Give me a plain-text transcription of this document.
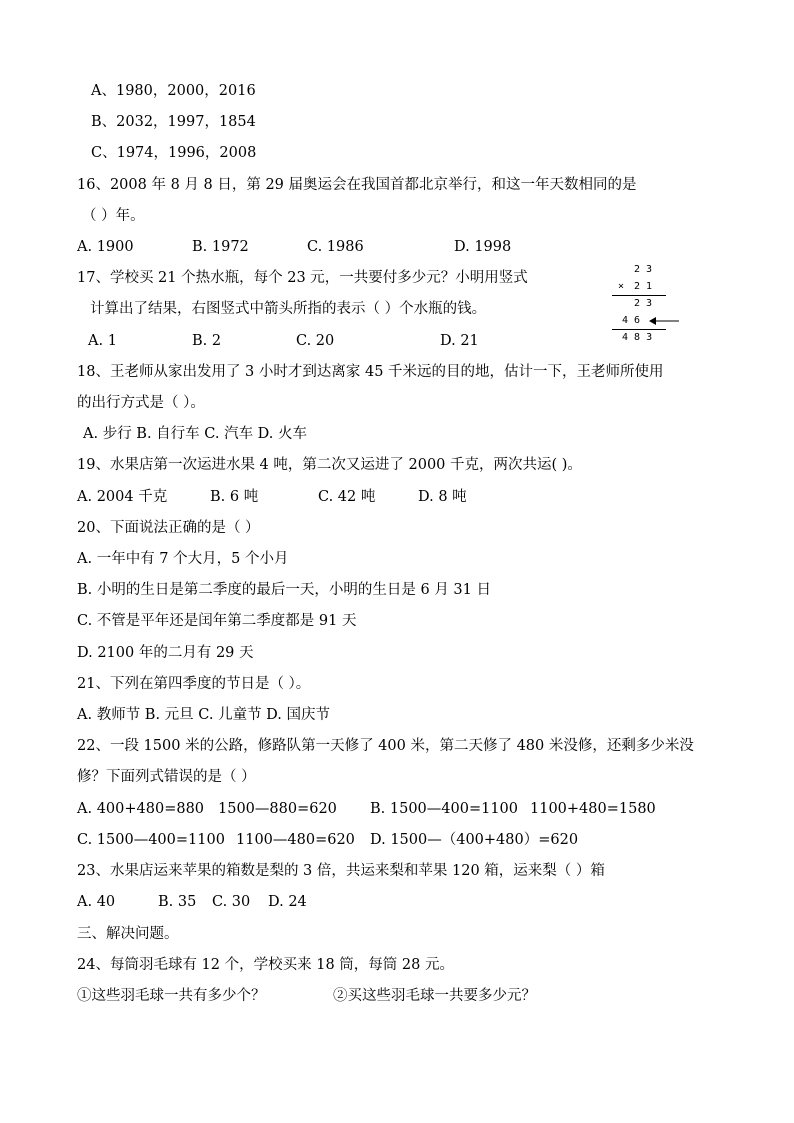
A、1980，2000，2016
B、2032，1997，1854
C、1974，1996，2008
16、2008 年 8 月 8 日，第 29 届奥运会在我国首都北京举行，和这一年天数相同的是
（ ）年。
A. 1900	B. 1972	C. 1986	D. 1998
17、学校买 21 个热水瓶，每个 23 元，一共要付多少元？小明用竖式
计算出了结果，右图竖式中箭头所指的表示（ ）个水瓶的钱。
A. 1	B. 2	C. 20	D. 21
2 3
× 2 1
2 3
4 6
4 8 3
18、王老师从家出发用了 3 小时才到达离家 45 千米远的目的地，估计一下，王老师所使用
的出行方式是（ ）。
A. 步行 B. 自行车 C. 汽车 D. 火车
19、水果店第一次运进水果 4 吨，第二次又运进了 2000 千克，两次共运( )。
A. 2004 千克	B. 6 吨	C. 42 吨	D. 8 吨
20、下面说法正确的是（ ）
A. 一年中有 7 个大月，5 个小月
B. 小明的生日是第二季度的最后一天，小明的生日是 6 月 31 日
C. 不管是平年还是闰年第二季度都是 91 天
D. 2100 年的二月有 29 天
21、下列在第四季度的节日是（ ）。
A. 教师节 B. 元旦 C. 儿童节 D. 国庆节
22、一段 1500 米的公路，修路队第一天修了 400 米，第二天修了 480 米没修，还剩多少米没
修？下面列式错误的是（ ）
A. 400+480=880 1500—880=620 B. 1500—400=1100 1100+480=1580
C. 1500—400=1100 1100—480=620 D. 1500—（400+480）=620
23、水果店运来苹果的箱数是梨的 3 倍，共运来梨和苹果 120 箱，运来梨（ ）箱
A. 40	B. 35 C. 30 D. 24
三、解决问题。
24、每筒羽毛球有 12 个，学校买来 18 筒，每筒 28 元。
①这些羽毛球一共有多少个？	②买这些羽毛球一共要多少元？
